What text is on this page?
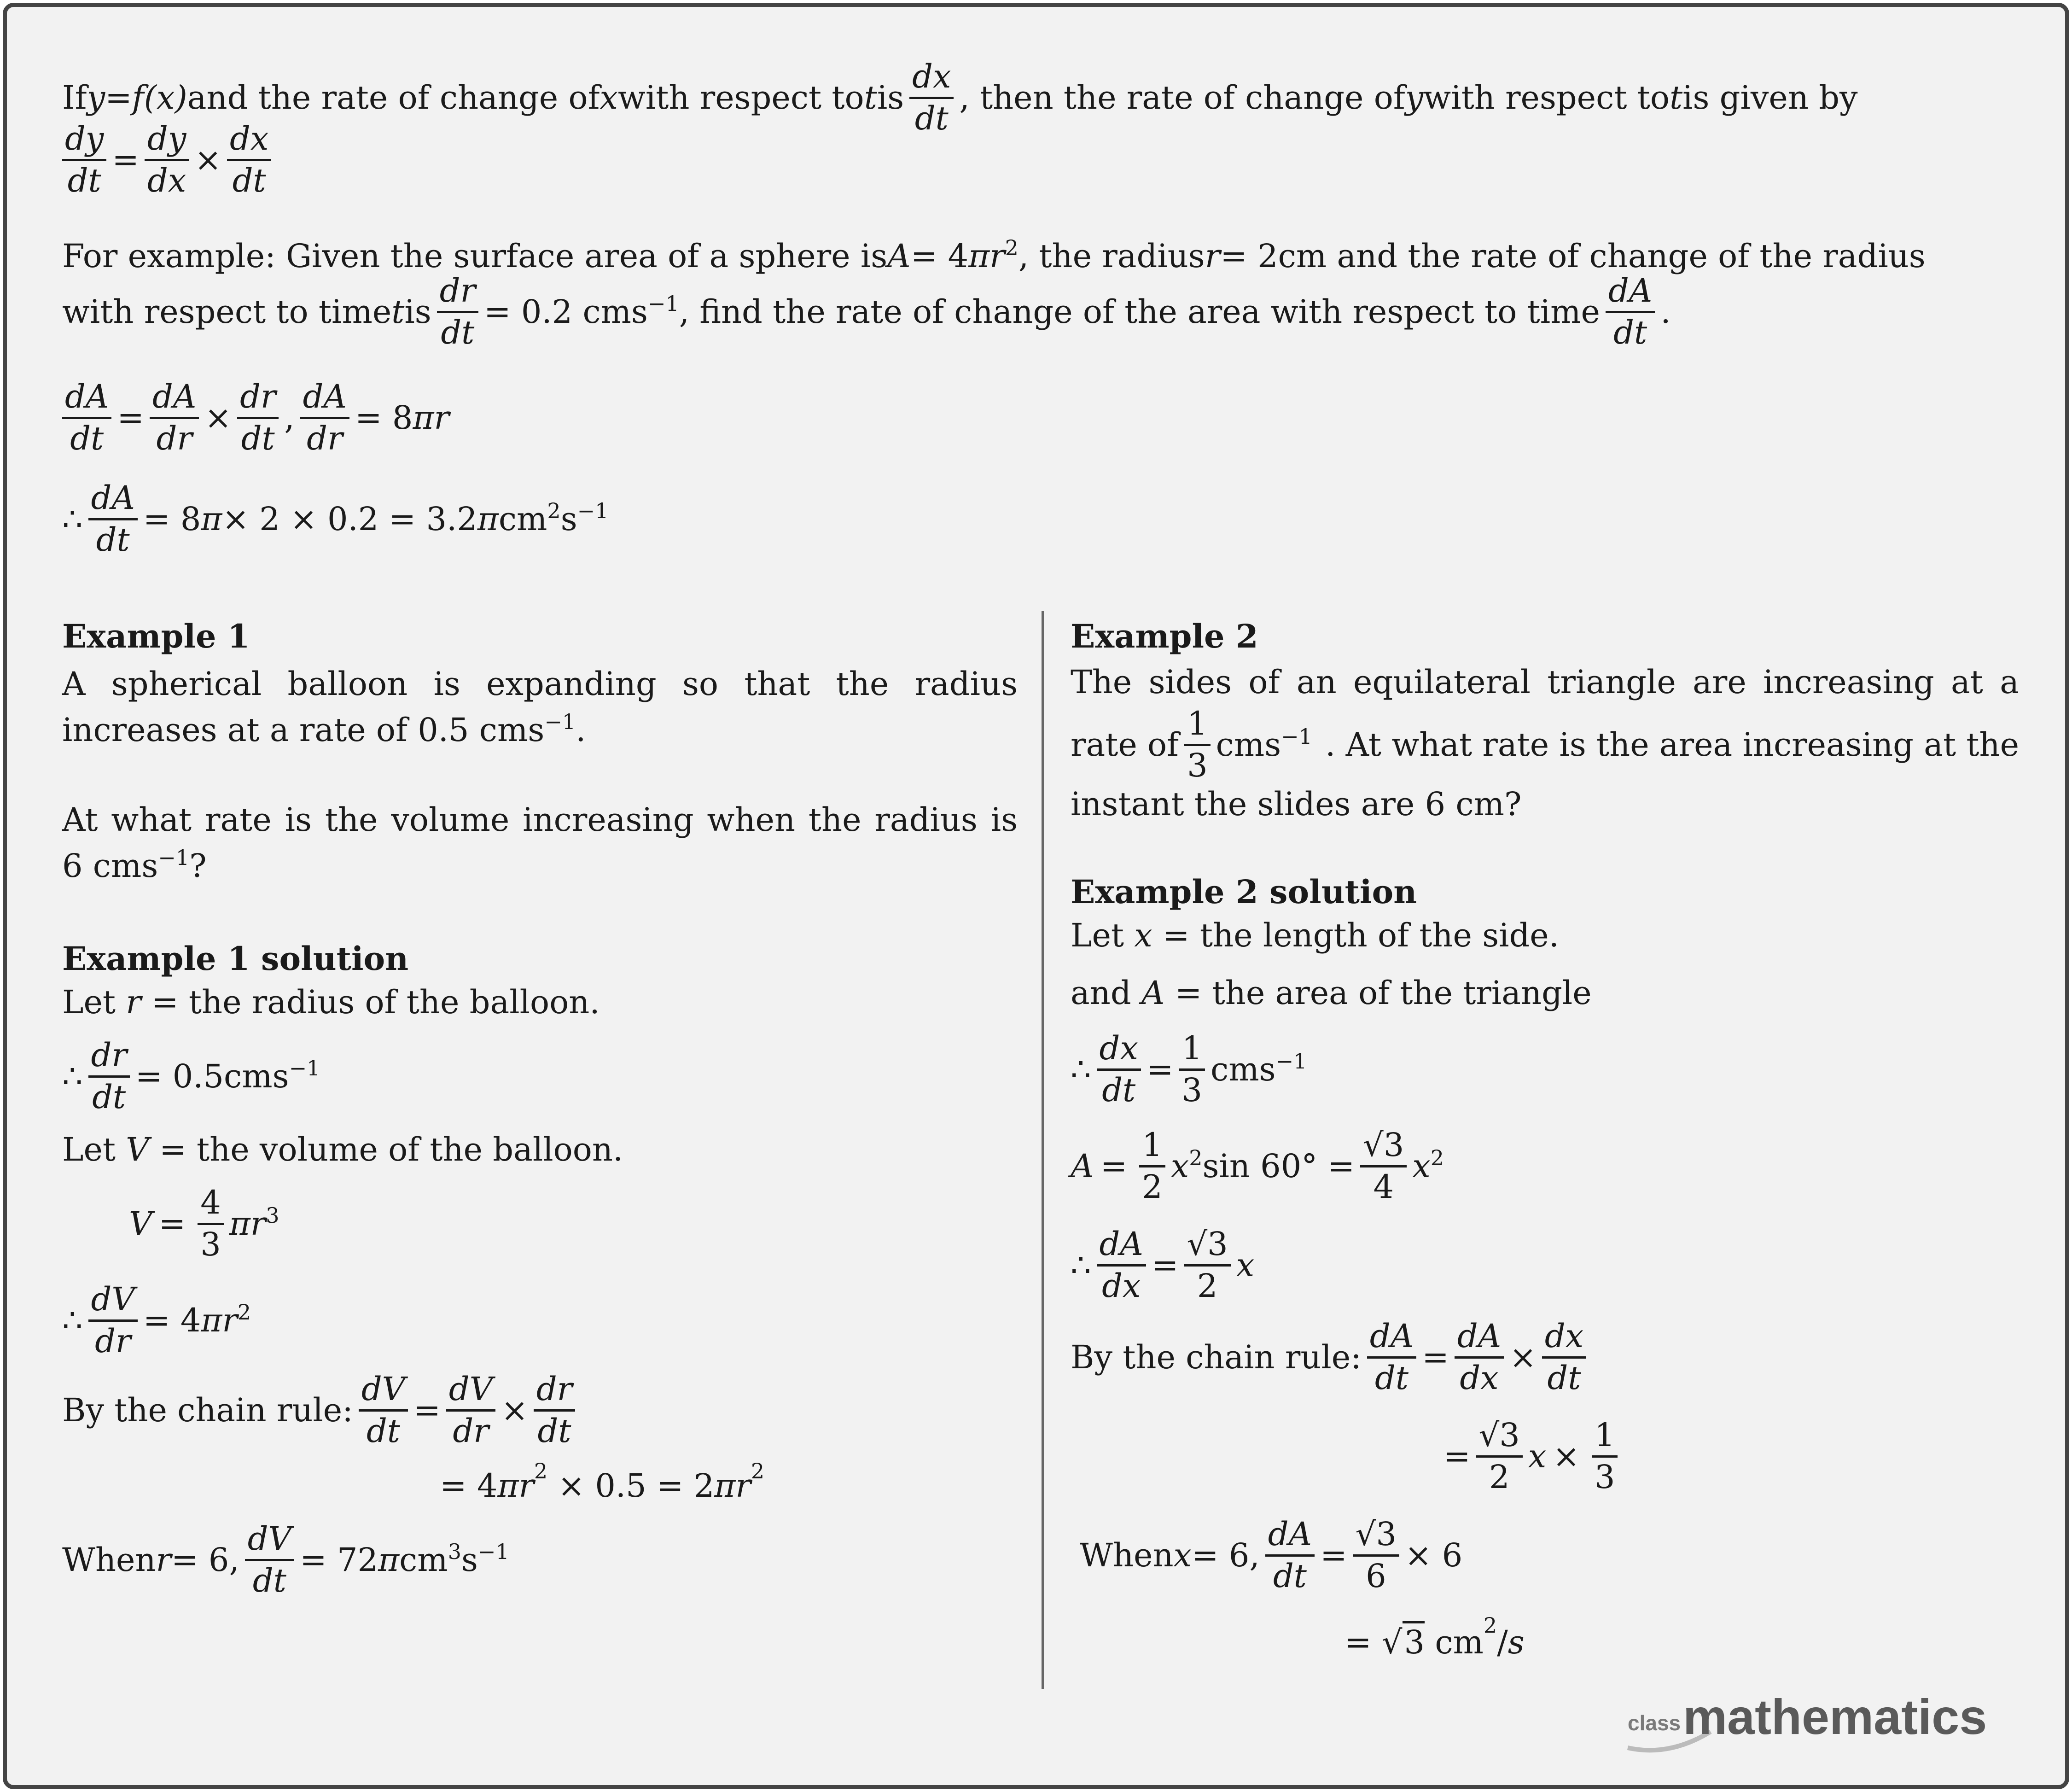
If y = f (x) and the rate of change of x with respect to t is $\frac{dx}{dt}$ , then the rate of change of y with respect to t is given by
$\frac{dy}{dt} = \frac{dy}{dx} \times \frac{dx}{dt}$
For example: Given the surface area of a sphere is A = 4 $\pi r^2$ , the radius r = 2cm and the rate of change of the radius
with respect to time t is $\frac{dr}{dt} = 0.2$ cms$^{-1}$ , find the rate of change of the area with respect to time $\frac{dA}{dt}$ .
$\frac{dA}{dt} = \frac{dA}{dr} \times \frac{dr}{dt}$ , $\frac{dA}{dr} = 8$ πr
∴ $\frac{dA}{dt} = 8$ π × 2 × 0.2 = 3.2 π $cm^2$ $s^{-1}$
Example 1
A spherical balloon is expanding so that the radius increases at a rate of 0.5 cms$^{-1}$.
At what rate is the volume increasing when the radius is 6 cms$^{-1}$?
Example 1 solution
Let r = the radius of the balloon.
∴ $\frac{dr}{dt} = 0.5cms^{-1}$
Let V = the volume of the balloon.
$V = \frac{4}{3} \pi r^3$
∴ $\frac{dV}{dr} = 4$ $\pi r^2$
By the chain rule: $\frac{dV}{dt} = \frac{dV}{dr} \times \frac{dr}{dt}$
= $4\pi r^2 \times 0.5 = 2\pi r^2$
When r = 6, $\frac{dV}{dt} = 72$ π $cm^3$ $s^{-1}$
Example 2
The sides of an equilateral triangle are increasing at a
rate of $\frac{1}{3} cms^{-1}$ . At what rate is the area increasing at the
instant the slides are 6 cm?
Example 2 solution
Let x = the length of the side.
and A = the area of the triangle
∴ $\frac{dx}{dt} = \frac{1}{3} cms^{-1}$
$A = \frac{1}{2} x^2$ $\sin 60^\circ = \frac{√3}{4} x^2$
∴ $\frac{dA}{dx} = \frac{√3}{2}$ x
By the chain rule: $\frac{dA}{dt} = \frac{dA}{dx} \times \frac{dx}{dt}$
= $\frac{√3}{2}$ $x \times \frac{1}{3}$
When x = 6, $\frac{dA}{dt} = \frac{√3}{6} \times 6$
= √3 $cm^2/s$
class mathematics
